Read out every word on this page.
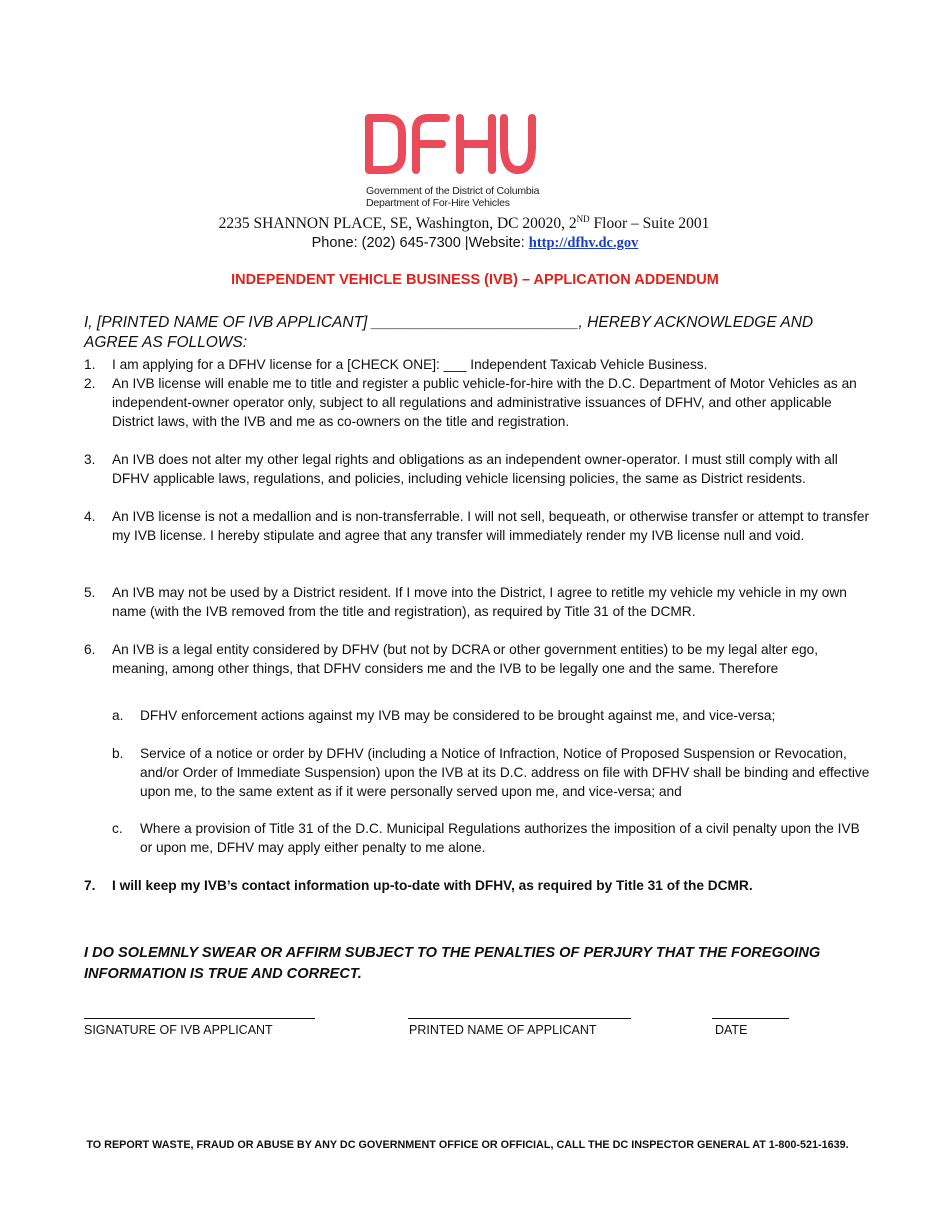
Government of the District of Columbia
Department of For-Hire Vehicles
2235 SHANNON PLACE, SE, Washington, DC 20020, 2ND Floor – Suite 2001
Phone: (202) 645-7300 |Website: http://dfhv.dc.gov
INDEPENDENT VEHICLE BUSINESS (IVB) – APPLICATION ADDENDUM
I, [PRINTED NAME OF IVB APPLICANT] ________________________, HEREBY ACKNOWLEDGE AND AGREE AS FOLLOWS:
1.	I am applying for a DFHV license for a [CHECK ONE]: ___ Independent Taxicab Vehicle Business.
2.	An IVB license will enable me to title and register a public vehicle-for-hire with the D.C. Department of Motor Vehicles as an independent-owner operator only, subject to all regulations and administrative issuances of DFHV, and other applicable District laws, with the IVB and me as co-owners on the title and registration.
3.	An IVB does not alter my other legal rights and obligations as an independent owner-operator. I must still comply with all DFHV applicable laws, regulations, and policies, including vehicle licensing policies, the same as District residents.
4.	An IVB license is not a medallion and is non-transferrable. I will not sell, bequeath, or otherwise transfer or attempt to transfer my IVB license. I hereby stipulate and agree that any transfer will immediately render my IVB license null and void.
5.	An IVB may not be used by a District resident. If I move into the District, I agree to retitle my vehicle my vehicle in my own name (with the IVB removed from the title and registration), as required by Title 31 of the DCMR.
6.	An IVB is a legal entity considered by DFHV (but not by DCRA or other government entities) to be my legal alter ego, meaning, among other things, that DFHV considers me and the IVB to be legally one and the same. Therefore
a.	DFHV enforcement actions against my IVB may be considered to be brought against me, and vice-versa;
b.	Service of a notice or order by DFHV (including a Notice of Infraction, Notice of Proposed Suspension or Revocation, and/or Order of Immediate Suspension) upon the IVB at its D.C. address on file with DFHV shall be binding and effective upon me, to the same extent as if it were personally served upon me, and vice-versa; and
c.	Where a provision of Title 31 of the D.C. Municipal Regulations authorizes the imposition of a civil penalty upon the IVB or upon me, DFHV may apply either penalty to me alone.
7.	I will keep my IVB’s contact information up-to-date with DFHV, as required by Title 31 of the DCMR.
I DO SOLEMNLY SWEAR OR AFFIRM SUBJECT TO THE PENALTIES OF PERJURY THAT THE FOREGOING INFORMATION IS TRUE AND CORRECT.
SIGNATURE OF IVB APPLICANT	PRINTED NAME OF APPLICANT	DATE
TO REPORT WASTE, FRAUD OR ABUSE BY ANY DC GOVERNMENT OFFICE OR OFFICIAL, CALL THE DC INSPECTOR GENERAL AT 1-800-521-1639.
